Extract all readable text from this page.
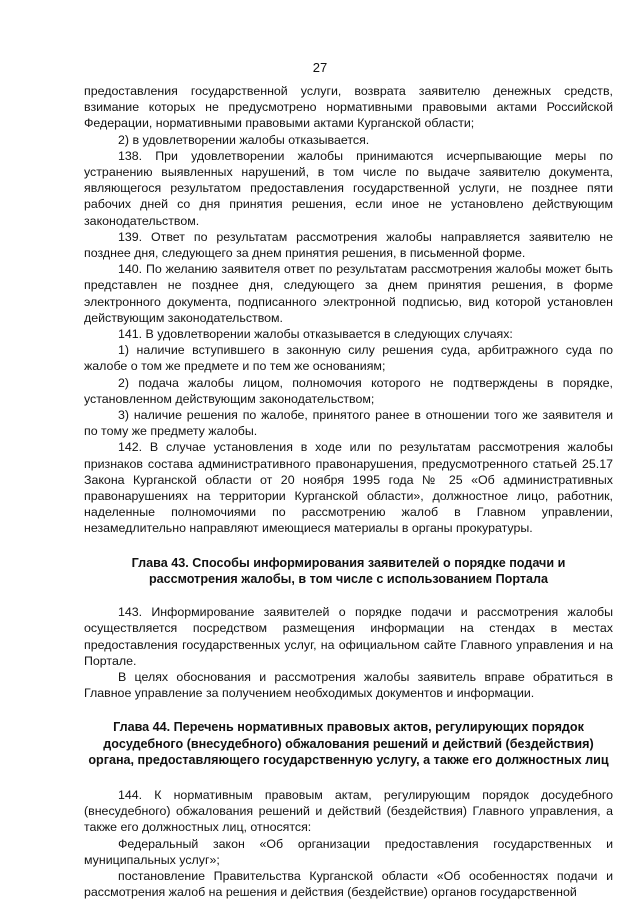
27

предоставления государственной услуги, возврата заявителю денежных средств, взимание которых не предусмотрено нормативными правовыми актами Российской Федерации, нормативными правовыми актами Курганской области;

2) в удовлетворении жалобы отказывается.

138. При удовлетворении жалобы принимаются исчерпывающие меры по устранению выявленных нарушений, в том числе по выдаче заявителю документа, являющегося результатом предоставления государственной услуги, не позднее пяти рабочих дней со дня принятия решения, если иное не установлено действующим законодательством.

139. Ответ по результатам рассмотрения жалобы направляется заявителю не позднее дня, следующего за днем принятия решения, в письменной форме.

140. По желанию заявителя ответ по результатам рассмотрения жалобы может быть представлен не позднее дня, следующего за днем принятия решения, в форме электронного документа, подписанного электронной подписью, вид которой установлен действующим законодательством.

141. В удовлетворении жалобы отказывается в следующих случаях:

1) наличие вступившего в законную силу решения суда, арбитражного суда по жалобе о том же предмете и по тем же основаниям;

2) подача жалобы лицом, полномочия которого не подтверждены в порядке, установленном действующим законодательством;

3) наличие решения по жалобе, принятого ранее в отношении того же заявителя и по тому же предмету жалобы.

142. В случае установления в ходе или по результатам рассмотрения жалобы признаков состава административного правонарушения, предусмотренного статьей 25.17 Закона Курганской области от 20 ноября 1995 года № 25 «Об административных правонарушениях на территории Курганской области», должностное лицо, работник, наделенные полномочиями по рассмотрению жалоб в Главном управлении, незамедлительно направляют имеющиеся материалы в органы прокуратуры.

Глава 43. Способы информирования заявителей о порядке подачи и
рассмотрения жалобы, в том числе с использованием Портала

143. Информирование заявителей о порядке подачи и рассмотрения жалобы осуществляется посредством размещения информации на стендах в местах предоставления государственных услуг, на официальном сайте Главного управления и на Портале.

В целях обоснования и рассмотрения жалобы заявитель вправе обратиться в Главное управление за получением необходимых документов и информации.

Глава 44. Перечень нормативных правовых актов, регулирующих порядок
досудебного (внесудебного) обжалования решений и действий (бездействия)
органа, предоставляющего государственную услугу, а также его должностных лиц

144. К нормативным правовым актам, регулирующим порядок досудебного (внесудебного) обжалования решений и действий (бездействия) Главного управления, а также его должностных лиц, относятся:

Федеральный закон «Об организации предоставления государственных и муниципальных услуг»;

постановление Правительства Курганской области «Об особенностях подачи и рассмотрения жалоб на решения и действия (бездействие) органов государственной
